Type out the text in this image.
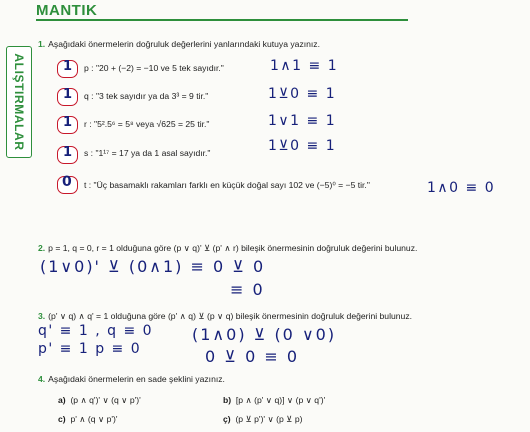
MANTIK
ALIŞTIRMALAR
1. Aşağıdaki önermelerin doğruluk değerlerini yanlarındaki kutuya yazınız.
1 p : "20 + (−2) = −10 ve 5 tek sayıdır."	1∧1 ≡ 1
1 q : "3 tek sayıdır ya da 3³ = 9 tir."	1⊻0 ≡ 1
1 r : "5².5⁶ = 5⁸ veya √625 = 25 tir."	1∨1 ≡ 1
1 s : "1¹⁷ = 17 ya da 1 asal sayıdır."	1⊻0 ≡ 1
0 t : "Üç basamaklı rakamları farklı en küçük doğal sayı 102 ve (−5)⁰ = −5 tir."	1∧0 ≡ 0
2. p = 1, q = 0, r = 1 olduğuna göre (p ∨ q)' ⊻ (p' ∧ r) bileşik önermesinin doğruluk değerini bulunuz.
(1∨0)' ⊻ (0∧1) ≡ 0 ⊻ 0
≡ 0
3. (p' ∨ q) ∧ q' = 1 olduğuna göre (p' ∧ q) ⊻ (p ∨ q) bileşik önermesinin doğruluk değerini bulunuz.
q' ≡ 1 , q ≡ 0
p' ≡ 1 p ≡ 0
(1∧0) ⊻ (0 ∨0)
0 ⊻ 0 ≡ 0
4. Aşağıdaki önermelerin en sade şeklini yazınız.
a) (p ∧ q')' ∨ (q ∨ p')'	b) [p ∧ (p' ∨ q)] ∨ (p ∨ q')'
c) p' ∧ (q ∨ p')'	ç) (p ⊻ p')' ∨ (p ⊻ p)
